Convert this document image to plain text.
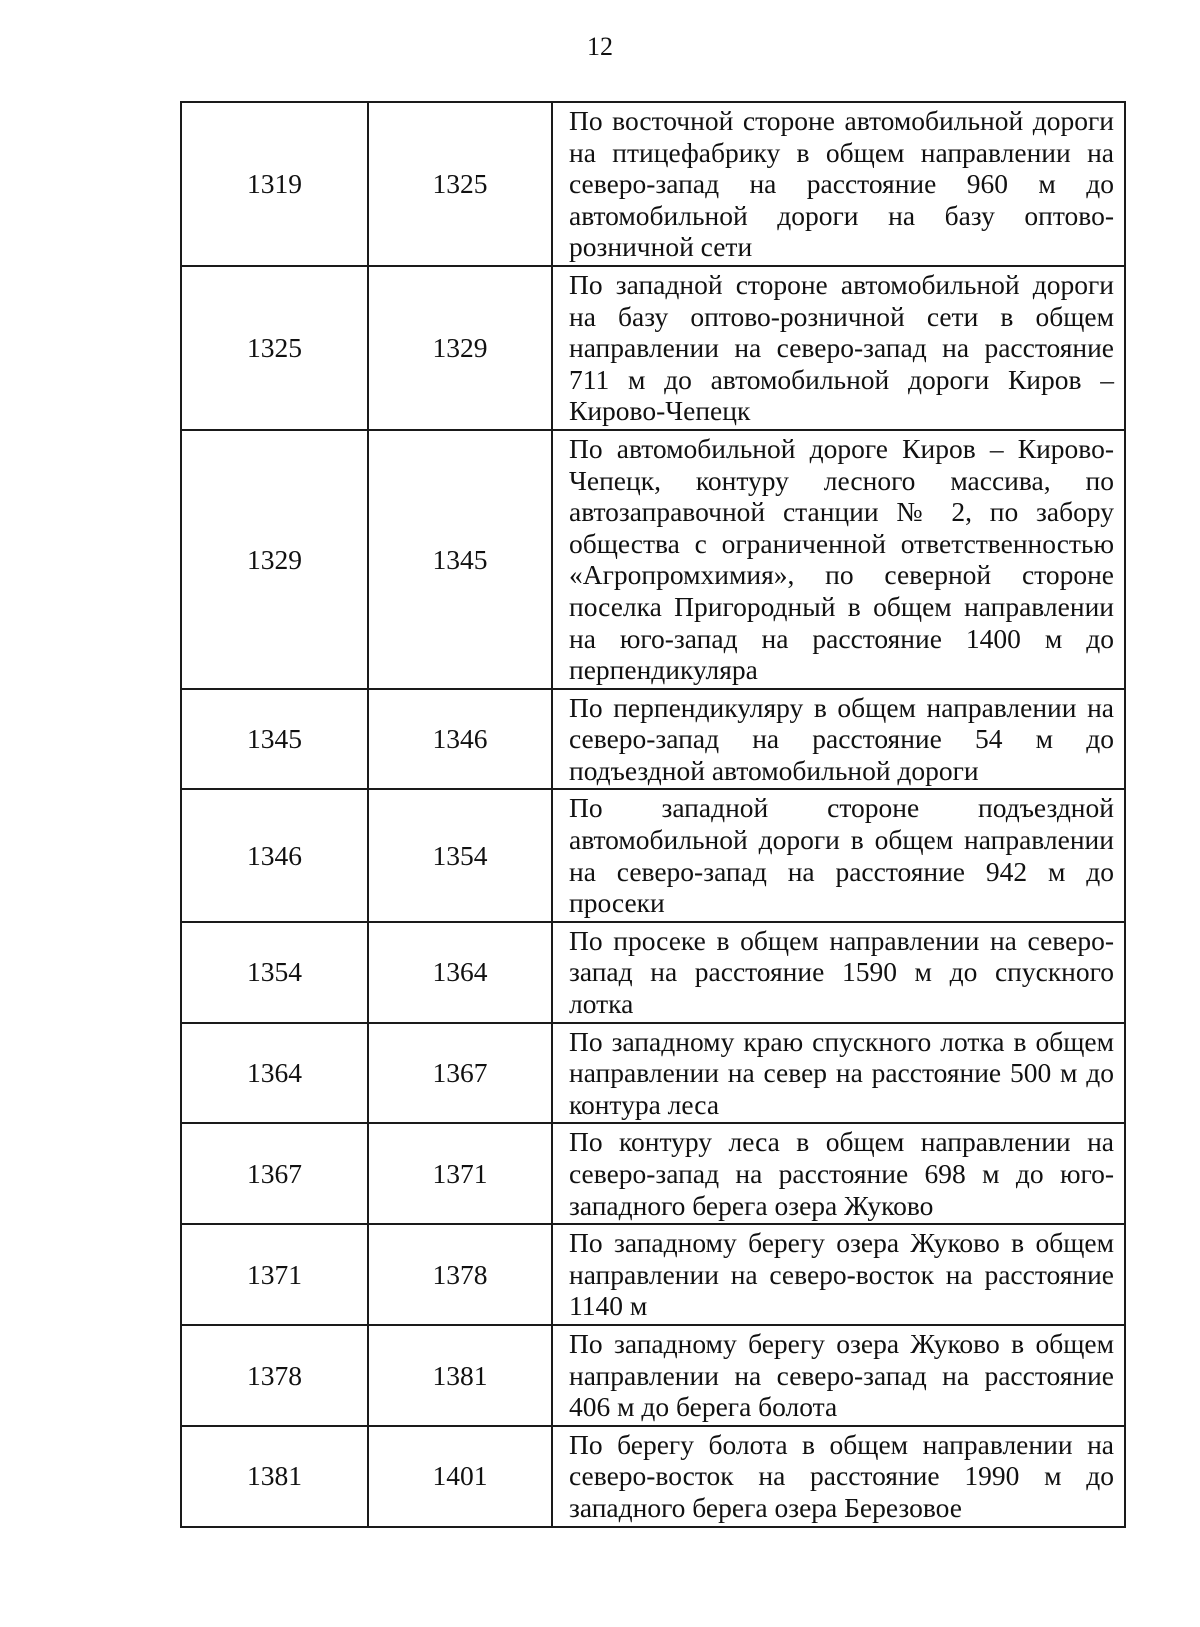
12
1319	1325	По восточной стороне автомобильной дороги на птицефабрику в общем направлении на северо-запад на расстояние 960 м до автомобильной дороги на базу оптово-розничной сети
1325	1329	По западной стороне автомобильной дороги на базу оптово-розничной сети в общем направлении на северо-запад на расстояние 711 м до автомобильной дороги Киров – Кирово-Чепецк
1329	1345	По автомобильной дороге Киров – Кирово-Чепецк, контуру лесного массива, по автозаправочной станции № 2, по забору общества с ограниченной ответственностью «Агропромхимия», по северной стороне поселка Пригородный в общем направлении на юго-запад на расстояние 1400 м до перпендикуляра
1345	1346	По перпендикуляру в общем направлении на северо-запад на расстояние 54 м до подъездной автомобильной дороги
1346	1354	По западной стороне подъездной автомобильной дороги в общем направлении на северо-запад на расстояние 942 м до просеки
1354	1364	По просеке в общем направлении на северо-запад на расстояние 1590 м до спускного лотка
1364	1367	По западному краю спускного лотка в общем направлении на север на расстояние 500 м до контура леса
1367	1371	По контуру леса в общем направлении на северо-запад на расстояние 698 м до юго-западного берега озера Жуково
1371	1378	По западному берегу озера Жуково в общем направлении на северо-восток на расстояние 1140 м
1378	1381	По западному берегу озера Жуково в общем направлении на северо-запад на расстояние 406 м до берега болота
1381	1401	По берегу болота в общем направлении на северо-восток на расстояние 1990 м до западного берега озера Березовое
